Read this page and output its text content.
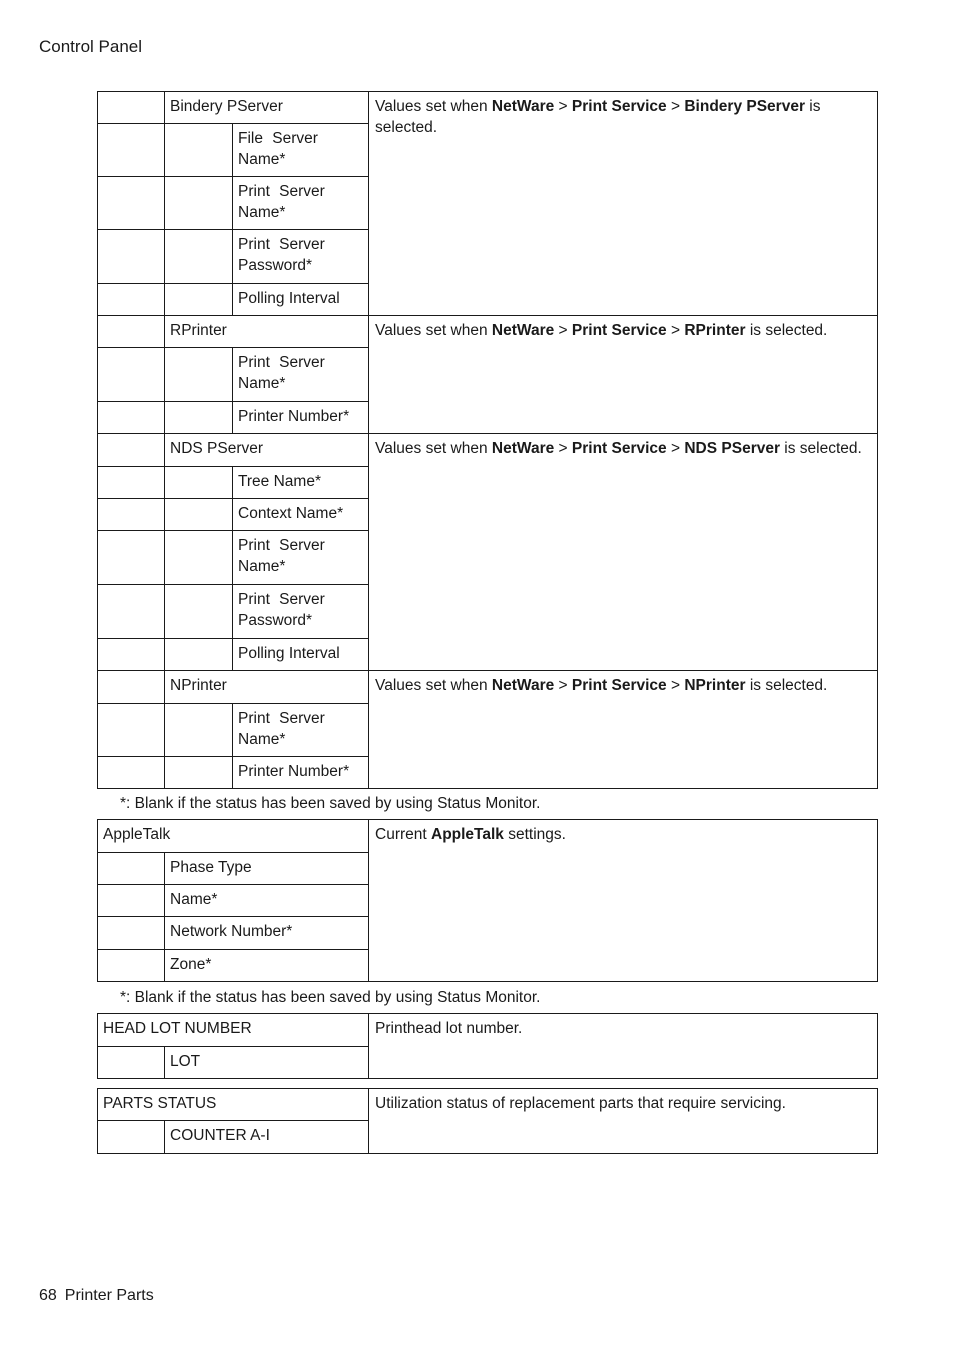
Control Panel
	Bindery PServer		Values set when NetWare > Print Service > Bindery PServer is selected.
		File Server
Name*	
		Print Server
Name*	
		Print Server
Password*	
		Polling Interval	
	RPrinter		Values set when NetWare > Print Service > RPrinter is selected.
		Print Server
Name*	
		Printer Number*	
	NDS PServer		Values set when NetWare > Print Service > NDS PServer is selected.
		Tree Name*	
		Context Name*	
		Print Server
Name*	
		Print Server
Password*	
		Polling Interval	
	NPrinter		Values set when NetWare > Print Service > NPrinter is selected.
		Print Server
Name*	
		Printer Number*	
*: Blank if the status has been saved by using Status Monitor.
AppleTalk		Current AppleTalk settings.
	Phase Type	
	Name*	
	Network Number*	
	Zone*	
*: Blank if the status has been saved by using Status Monitor.
HEAD LOT NUMBER		Printhead lot number.
	LOT	
PARTS STATUS		Utilization status of replacement parts that require servicing.
	COUNTER A-I	
68 Printer Parts
